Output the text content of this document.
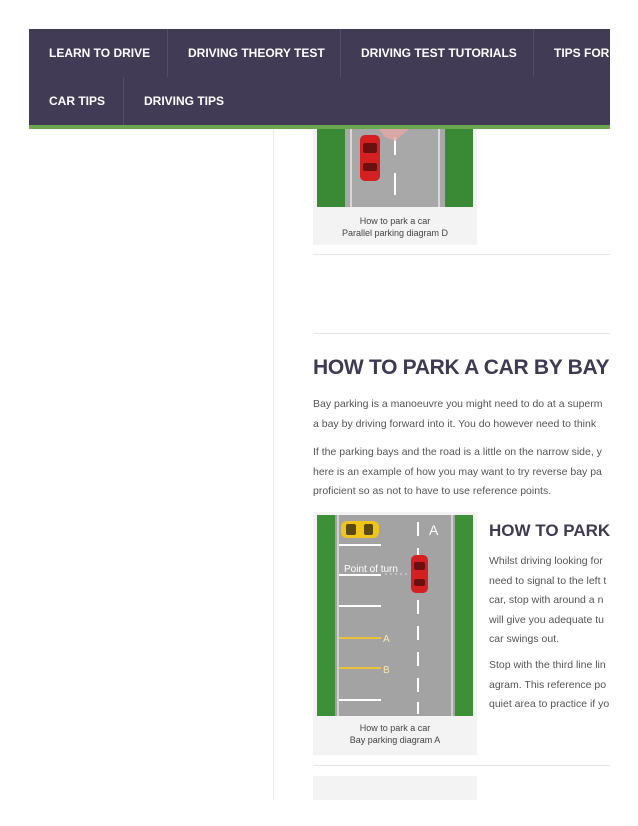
LEARN TO DRIVE	DRIVING THEORY TEST	DRIVING TEST TUTORIALS	TIPS FOR
CAR TIPS	DRIVING TIPS
How to park a car
Parallel parking diagram D
HOW TO PARK A CAR BY BAY
Bay parking is a manoeuvre you might need to do at a superm
a bay by driving forward into it. You do however need to think
If the parking bays and the road is a little on the narrow side, y
here is an example of how you may want to try reverse bay pa
proficient so as not to have to use reference points.
A
Point of turn
A
B
How to park a car
Bay parking diagram A
HOW TO PARK
Whilst driving looking for
need to signal to the left t
car, stop with around a n
will give you adequate tu
car swings out.
Stop with the third line lin
agram. This reference po
quiet area to practice if yo
